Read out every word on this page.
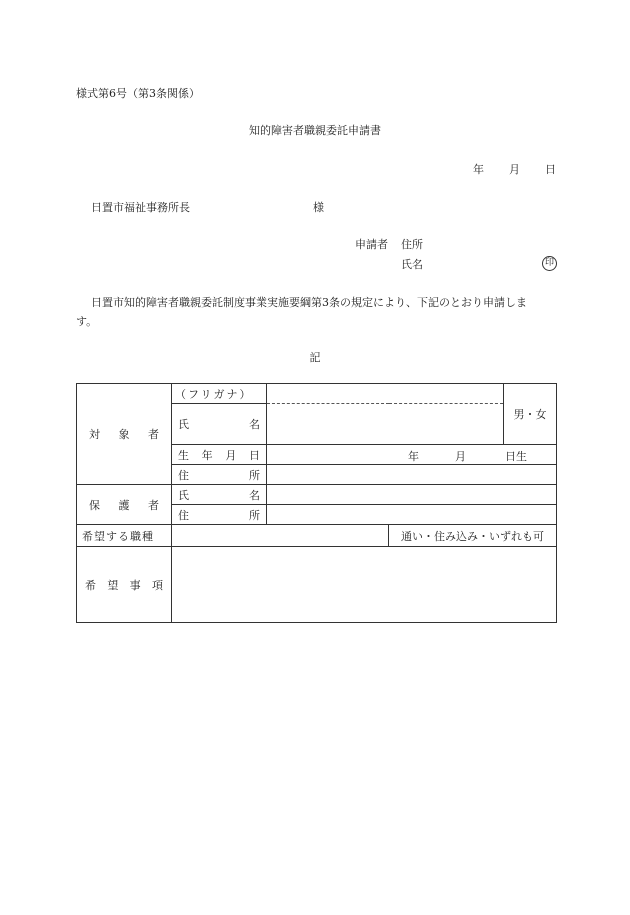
様式第6号（第3条関係）
知的障害者職親委託申請書
年 月 日
日置市福祉事務所長	様
申請者 住所
氏名	印
日置市知的障害者職親委託制度事業実施要綱第3条の規定により、下記のとおり申請しま
す。
記
対 象 者	（フリガナ）			男・女

	氏 名			

	生 年 月 日	年 月 日生		

	住 所			

保 護 者	氏 名			

	住 所			

希望する職種			通い・住み込み・いずれも可	

希 望 事 項				
